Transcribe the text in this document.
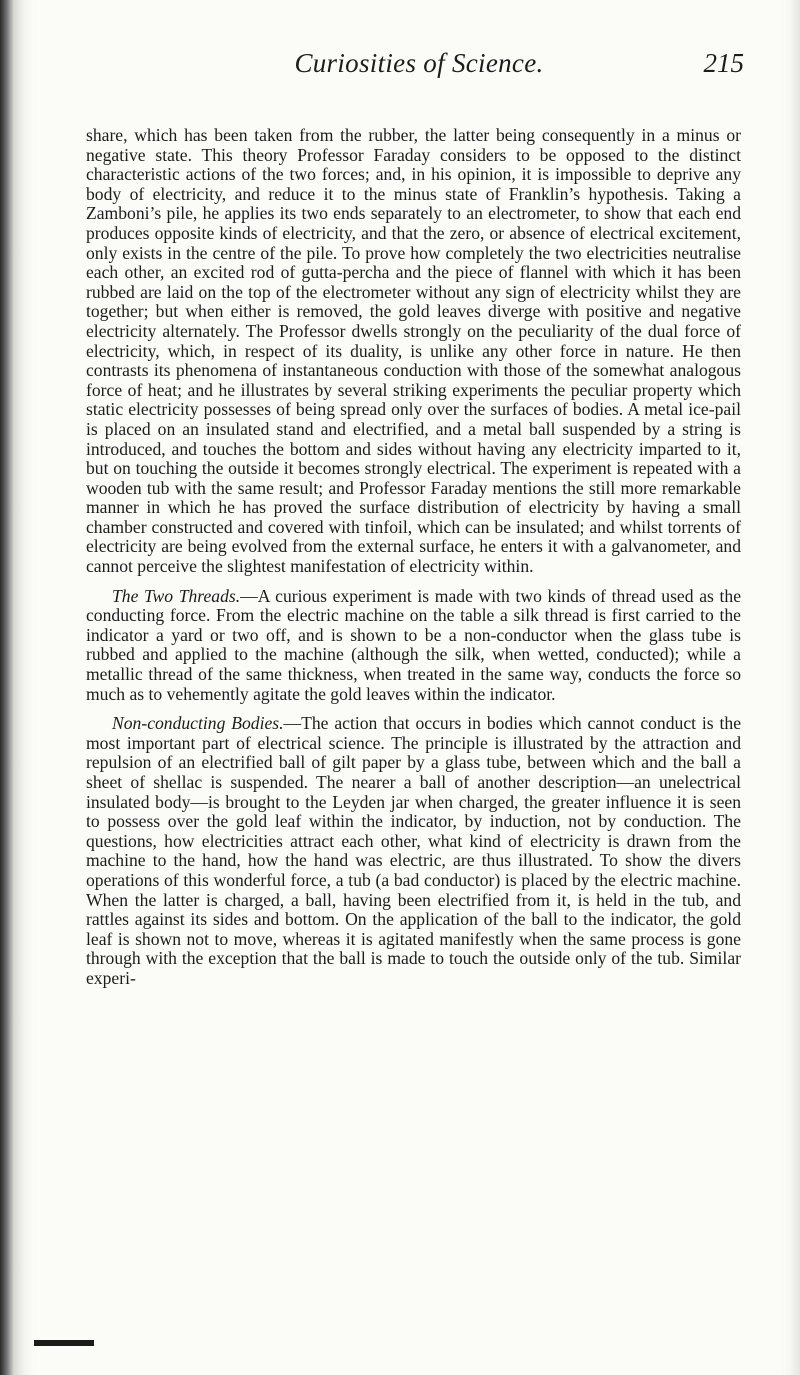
Curiosities of Science.	215

share, which has been taken from the rubber, the latter being consequently in a minus or negative state. This theory Professor Faraday considers to be opposed to the distinct characteristic actions of the two forces; and, in his opinion, it is impossible to deprive any body of electricity, and reduce it to the minus state of Franklin’s hypothesis. Taking a Zamboni’s pile, he applies its two ends separately to an electrometer, to show that each end produces opposite kinds of electricity, and that the zero, or absence of electrical excitement, only exists in the centre of the pile. To prove how completely the two electricities neutralise each other, an excited rod of gutta-percha and the piece of flannel with which it has been rubbed are laid on the top of the electrometer without any sign of electricity whilst they are together; but when either is removed, the gold leaves diverge with positive and negative electricity alternately. The Professor dwells strongly on the peculiarity of the dual force of electricity, which, in respect of its duality, is unlike any other force in nature. He then contrasts its phenomena of instantaneous conduction with those of the somewhat analogous force of heat; and he illustrates by several striking experiments the peculiar property which static electricity possesses of being spread only over the surfaces of bodies. A metal ice-pail is placed on an insulated stand and electrified, and a metal ball suspended by a string is introduced, and touches the bottom and sides without having any electricity imparted to it, but on touching the outside it becomes strongly electrical. The experiment is repeated with a wooden tub with the same result; and Professor Faraday mentions the still more remarkable manner in which he has proved the surface distribution of electricity by having a small chamber constructed and covered with tinfoil, which can be insulated; and whilst torrents of electricity are being evolved from the external surface, he enters it with a galvanometer, and cannot perceive the slightest manifestation of electricity within.

The Two Threads.—A curious experiment is made with two kinds of thread used as the conducting force. From the electric machine on the table a silk thread is first carried to the indicator a yard or two off, and is shown to be a non-conductor when the glass tube is rubbed and applied to the machine (although the silk, when wetted, conducted); while a metallic thread of the same thickness, when treated in the same way, conducts the force so much as to vehemently agitate the gold leaves within the indicator.

Non-conducting Bodies.—The action that occurs in bodies which cannot conduct is the most important part of electrical science. The principle is illustrated by the attraction and repulsion of an electrified ball of gilt paper by a glass tube, between which and the ball a sheet of shellac is suspended. The nearer a ball of another description—an unelectrical insulated body—is brought to the Leyden jar when charged, the greater influence it is seen to possess over the gold leaf within the indicator, by induction, not by conduction. The questions, how electricities attract each other, what kind of electricity is drawn from the machine to the hand, how the hand was electric, are thus illustrated. To show the divers operations of this wonderful force, a tub (a bad conductor) is placed by the electric machine. When the latter is charged, a ball, having been electrified from it, is held in the tub, and rattles against its sides and bottom. On the application of the ball to the indicator, the gold leaf is shown not to move, whereas it is agitated manifestly when the same process is gone through with the exception that the ball is made to touch the outside only of the tub. Similar experi-
